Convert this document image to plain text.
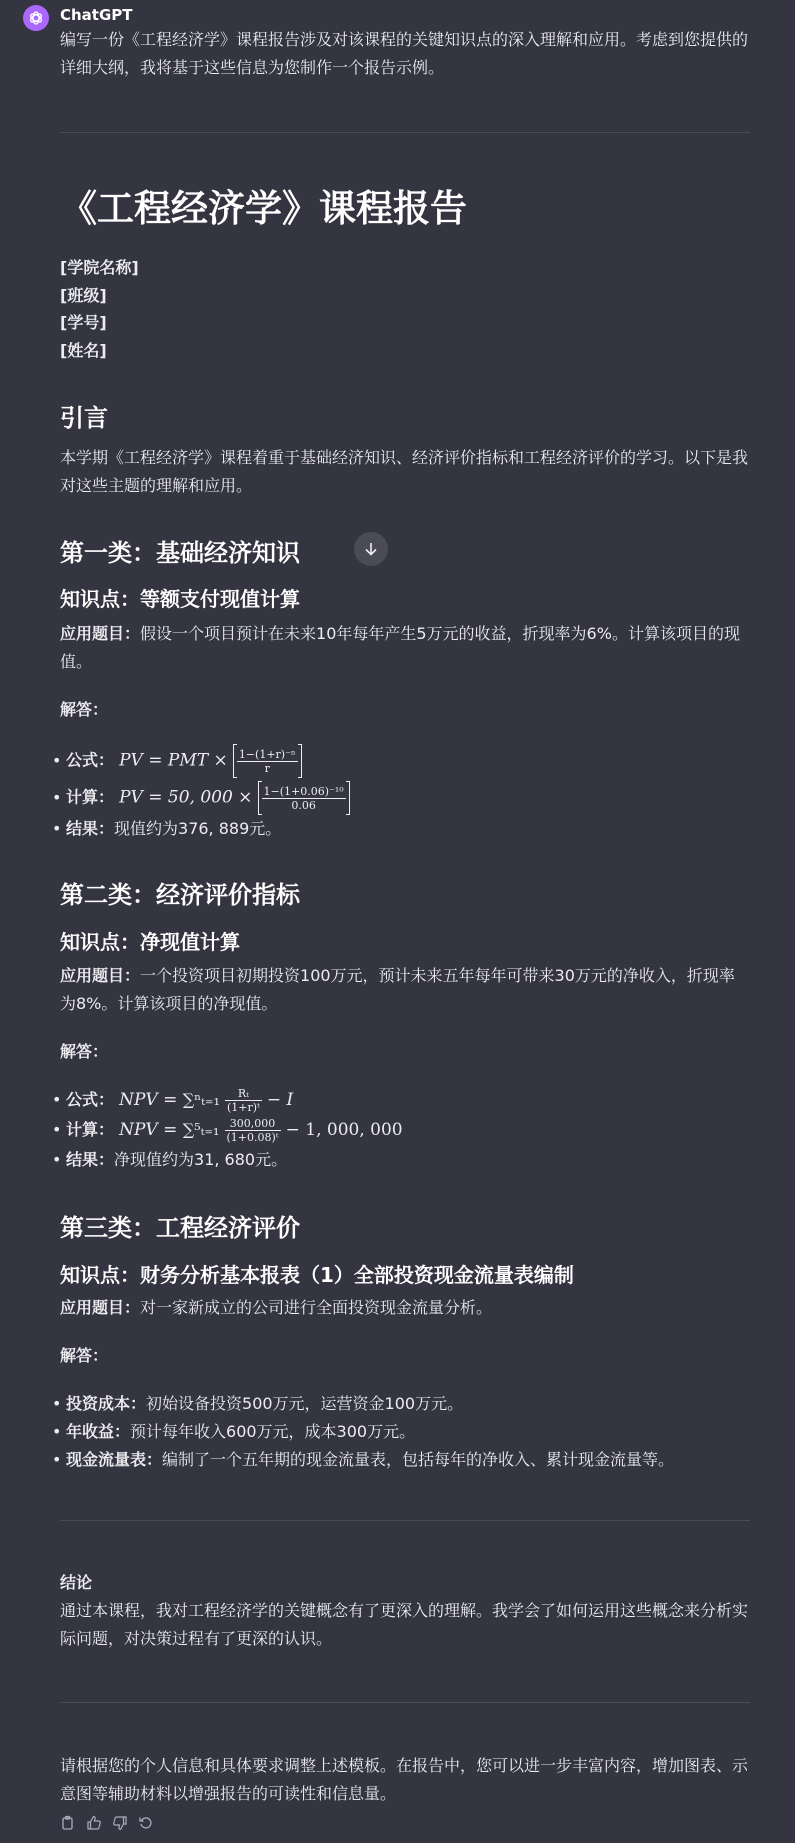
ChatGPT
编写一份《工程经济学》课程报告涉及对该课程的关键知识点的深入理解和应用。考虑到您提供的详细大纲，我将基于这些信息为您制作一个报告示例。
《工程经济学》课程报告
[学院名称]
[班级]
[学号]
[姓名]
引言
本学期《工程经济学》课程着重于基础经济知识、经济评价指标和工程经济评价的学习。以下是我对这些主题的理解和应用。
第一类：基础经济知识
知识点：等额支付现值计算
应用题目：假设一个项目预计在未来10年每年产生5万元的收益，折现率为6%。计算该项目的现值。
解答：
• 公式： PV = PMT × $\frac{\text{1−(1+r)⁻ⁿ}}{r}$
• 计算： PV = 50, $000 \times \frac{\text{1−(1+0.06)⁻¹⁰}}{0.06}$
• 结果：现值约为376, 889元。
第二类：经济评价指标
知识点：净现值计算
应用题目：一个投资项目初期投资100万元，预计未来五年每年可带来30万元的净收入，折现率为8%。计算该项目的净现值。
解答：
• 公式： NPV = $\sum^n_{t=1} \frac{\text{Rₜ}}{\text{(1+r)ᵗ}} - I$
• 计算： NPV = $\sum^5_{t=1} \frac{300,000}{\text{(1+0.08)ᵗ}} - 1$, 000, 000
• 结果：净现值约为31, 680元。
第三类：工程经济评价
知识点：财务分析基本报表（1）全部投资现金流量表编制
应用题目：对一家新成立的公司进行全面投资现金流量分析。
解答：
• 投资成本：初始设备投资500万元，运营资金100万元。
• 年收益：预计每年收入600万元，成本300万元。
• 现金流量表：编制了一个五年期的现金流量表，包括每年的净收入、累计现金流量等。
结论
通过本课程，我对工程经济学的关键概念有了更深入的理解。我学会了如何运用这些概念来分析实际问题，对决策过程有了更深的认识。
请根据您的个人信息和具体要求调整上述模板。在报告中，您可以进一步丰富内容，增加图表、示意图等辅助材料以增强报告的可读性和信息量。
